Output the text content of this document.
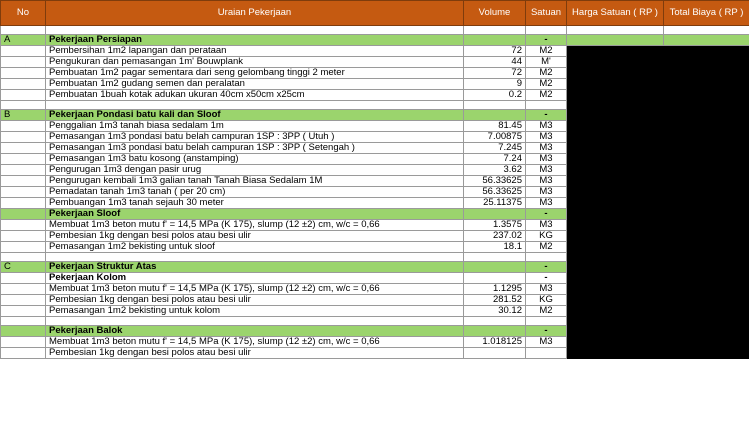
No	Uraian Pekerjaan	Volume	Satuan	Harga Satuan ( RP )	Total Biaya ( RP )

A	Pekerjaan Persiapan		-		
	Pembersihan 1m2 lapangan dan perataan	72	M2		
	Pengukuran dan pemasangan 1m' Bouwplank	44	M'		
	Pembuatan 1m2 pagar sementara dari seng gelombang tinggi 2 meter	72	M2		
	Pembuatan 1m2 gudang semen dan peralatan	9	M2		
	Pembuatan 1buah kotak adukan ukuran 40cm x50cm x25cm	0.2	M2		

B	Pekerjaan Pondasi batu kali dan Sloof		-		
	Penggalian 1m3 tanah biasa sedalam 1m	81.45	M3		
	Pemasangan 1m3 pondasi batu belah campuran 1SP : 3PP ( Utuh )	7.00875	M3		
	Pemasangan 1m3 pondasi batu belah campuran 1SP : 3PP ( Setengah )	7.245	M3		
	Pemasangan 1m3 batu kosong (anstamping)	7.24	M3		
	Pengurugan 1m3 dengan pasir urug	3.62	M3		
	Pengurugan kembali 1m3 galian tanah Tanah Biasa Sedalam 1M	56.33625	M3		
	Pemadatan tanah 1m3 tanah ( per 20 cm)	56.33625	M3		
	Pembuangan 1m3 tanah sejauh 30 meter	25.11375	M3		
	Pekerjaan Sloof		-		
	Membuat 1m3 beton mutu f' = 14,5 MPa (K 175), slump (12 ±2) cm, w/c = 0,66	1.3575	M3		
	Pembesian 1kg dengan besi polos atau besi ulir	237.02	KG		
	Pemasangan 1m2 bekisting untuk sloof	18.1	M2		

C	Pekerjaan Struktur Atas		-		
	Pekerjaan Kolom		-		
	Membuat 1m3 beton mutu f' = 14,5 MPa (K 175), slump (12 ±2) cm, w/c = 0,66	1.1295	M3		
	Pembesian 1kg dengan besi polos atau besi ulir	281.52	KG		
	Pemasangan 1m2 bekisting untuk kolom	30.12	M2		

	Pekerjaan Balok		-		
	Membuat 1m3 beton mutu f' = 14,5 MPa (K 175), slump (12 ±2) cm, w/c = 0,66	1.018125	M3		
	Pembesian 1kg dengan besi polos atau besi ulir				
